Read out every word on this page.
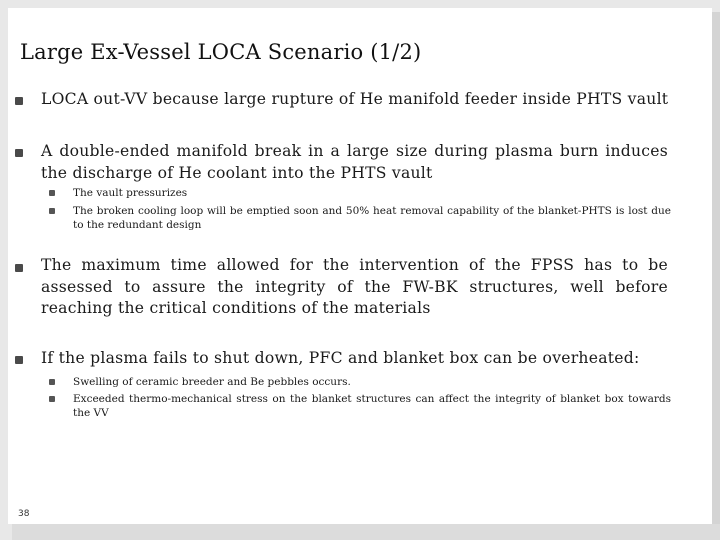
Large Ex-Vessel LOCA Scenario (1/2)
LOCA out-VV because large rupture of He manifold feeder inside PHTS vault
A double-ended manifold break in a large size during plasma burn induces the discharge of He coolant into the PHTS vault
The vault pressurizes
The broken cooling loop will be emptied soon and 50% heat removal capability of the blanket-PHTS is lost due to the redundant design
The maximum time allowed for the intervention of the FPSS has to be assessed to assure the integrity of the FW-BK structures, well before reaching the critical conditions of the materials
If the plasma fails to shut down, PFC and blanket box can be overheated:
Swelling of ceramic breeder and Be pebbles occurs.
Exceeded thermo-mechanical stress on the blanket structures can affect the integrity of blanket box towards the VV
38
